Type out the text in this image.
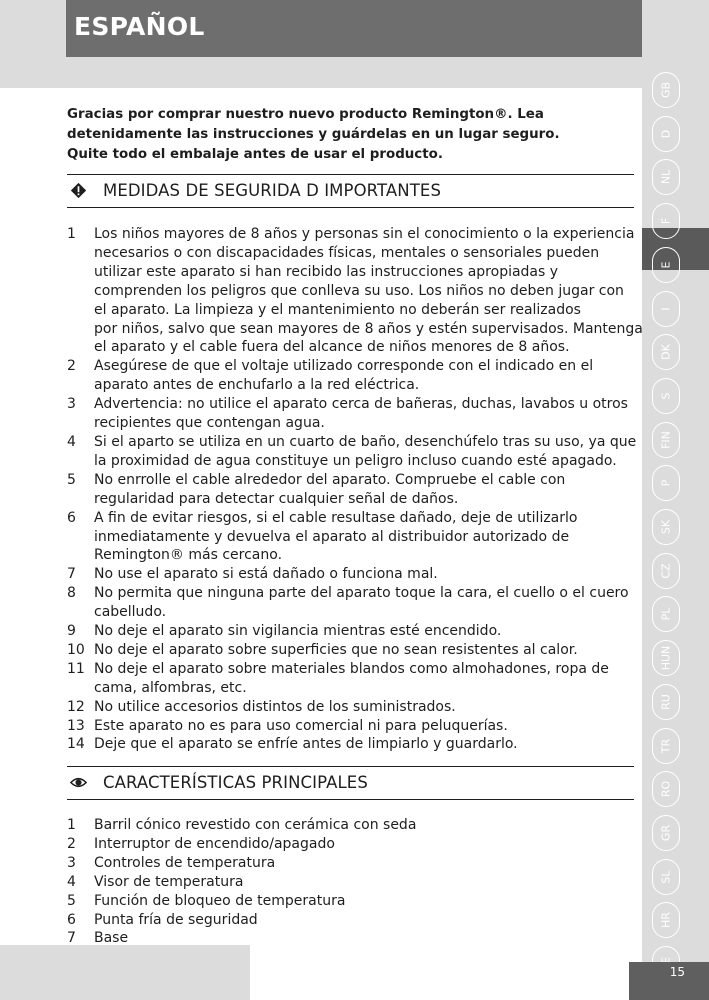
ESPAÑOL
Gracias por comprar nuestro nuevo producto Remington®. Lea
detenidamente las instrucciones y guárdelas en un lugar seguro.
Quite todo el embalaje antes de usar el producto.
MEDIDAS DE SEGURIDA D IMPORTANTES
1	Los niños mayores de 8 años y personas sin el conocimiento o la experiencia
necesarios o con discapacidades físicas, mentales o sensoriales pueden
utilizar este aparato si han recibido las instrucciones apropiadas y
comprenden los peligros que conlleva su uso. Los niños no deben jugar con
el aparato. La limpieza y el mantenimiento no deberán ser realizados
por niños, salvo que sean mayores de 8 años y estén supervisados. Mantenga
el aparato y el cable fuera del alcance de niños menores de 8 años.
2	Asegúrese de que el voltaje utilizado corresponde con el indicado en el
aparato antes de enchufarlo a la red eléctrica.
3	Advertencia: no utilice el aparato cerca de bañeras, duchas, lavabos u otros
recipientes que contengan agua.
4	Si el aparto se utiliza en un cuarto de baño, desenchúfelo tras su uso, ya que
la proximidad de agua constituye un peligro incluso cuando esté apagado.
5	No enrrolle el cable alrededor del aparato. Compruebe el cable con
regularidad para detectar cualquier señal de daños.
6	A fin de evitar riesgos, si el cable resultase dañado, deje de utilizarlo
inmediatamente y devuelva el aparato al distribuidor autorizado de
Remington® más cercano.
7	No use el aparato si está dañado o funciona mal.
8	No permita que ninguna parte del aparato toque la cara, el cuello o el cuero
cabelludo.
9	No deje el aparato sin vigilancia mientras esté encendido.
10 No deje el aparato sobre superficies que no sean resistentes al calor.
11 No deje el aparato sobre materiales blandos como almohadones, ropa de
cama, alfombras, etc.
12 No utilice accesorios distintos de los suministrados.
13 Este aparato no es para uso comercial ni para peluquerías.
14 Deje que el aparato se enfríe antes de limpiarlo y guardarlo.
CARACTERÍSTICAS PRINCIPALES
1	Barril cónico revestido con cerámica con seda
2	Interruptor de encendido/apagado
3	Controles de temperatura
4	Visor de temperatura
5	Función de bloqueo de temperatura
6	Punta fría de seguridad
7	Base
GB
D
NL
F
E
I
DK
S
FIN
P
SK
CZ
PL
HUN
RU
TR
RO
GR
SL
HR
15
